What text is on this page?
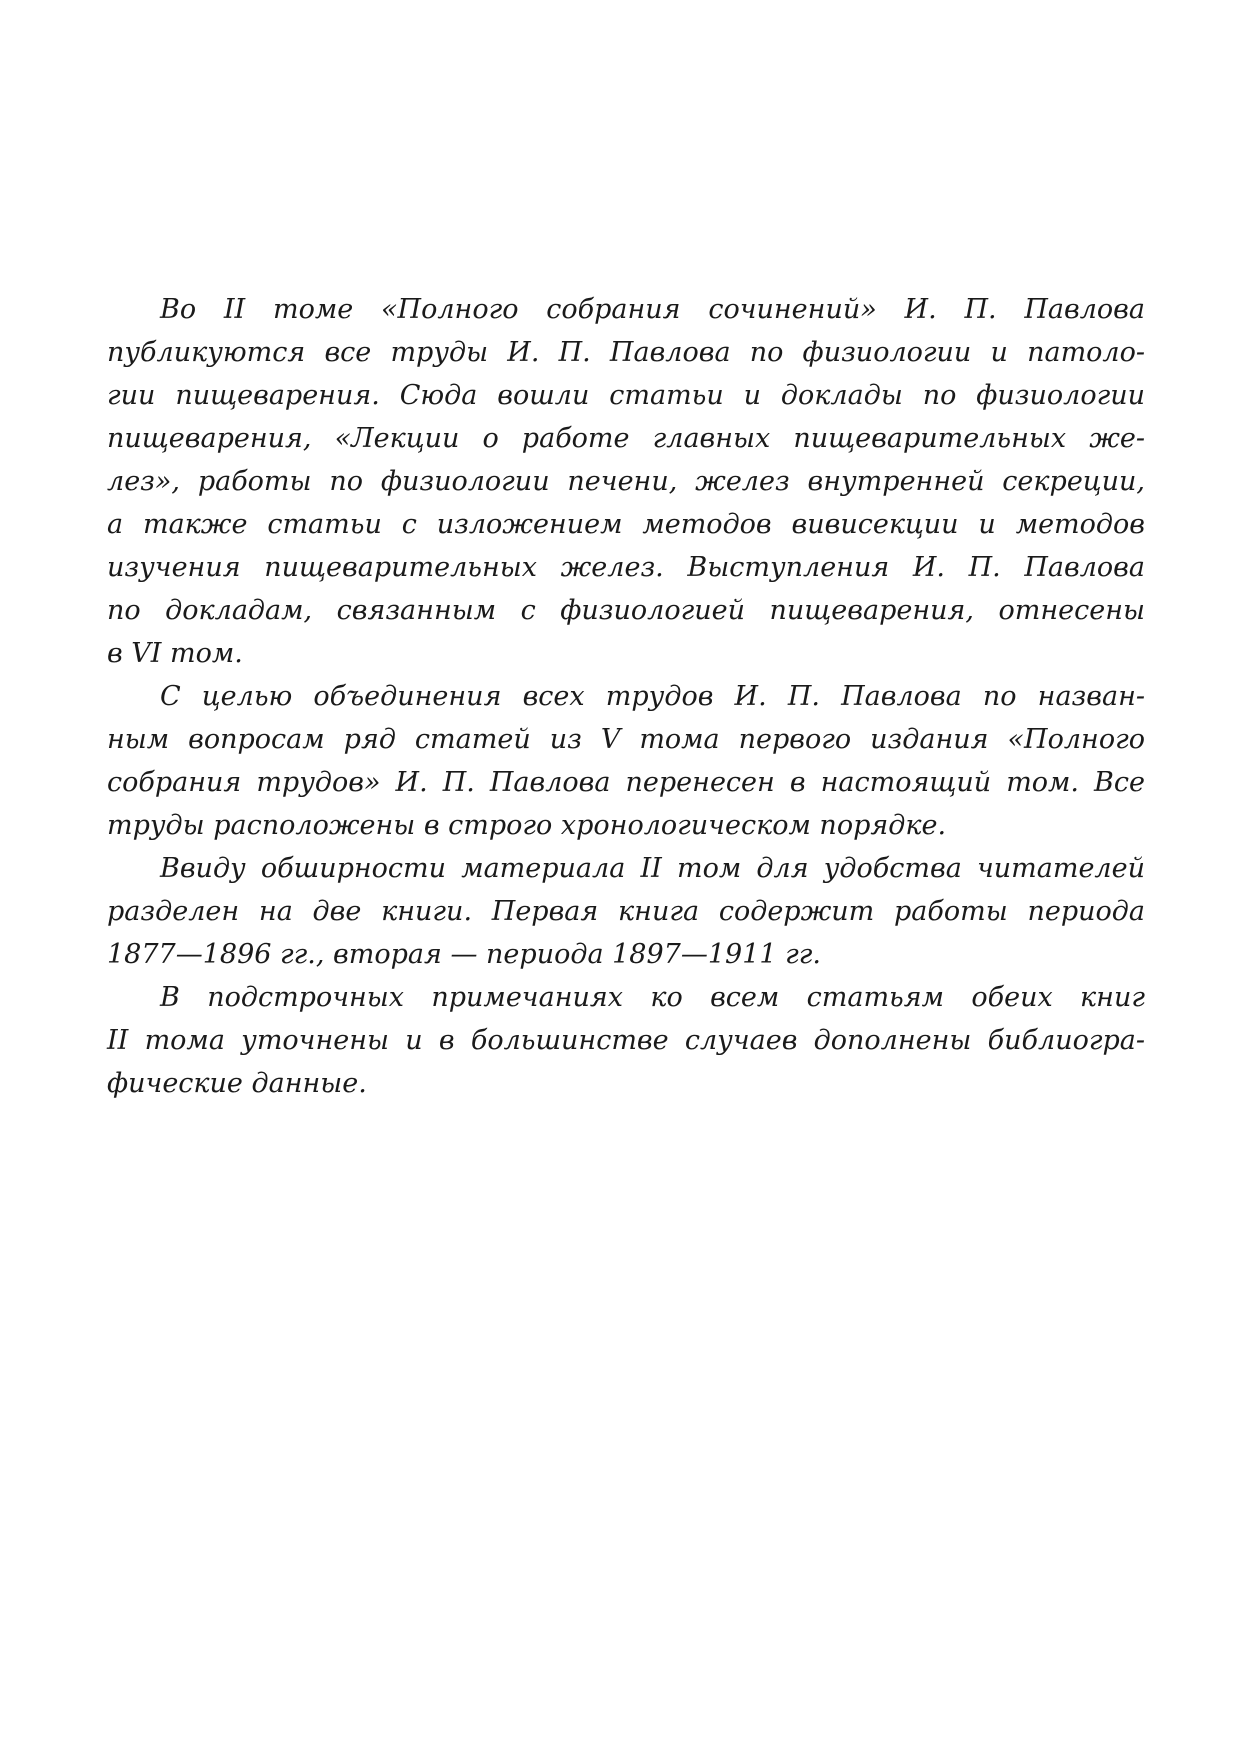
Во II томе «Полного собрания сочинений» И. П. Павлова
публикуются все труды И. П. Павлова по физиологии и патоло-
гии пищеварения. Сюда вошли статьи и доклады по физиологии
пищеварения, «Лекции о работе главных пищеварительных же-
лез», работы по физиологии печени, желез внутренней секреции,
а также статьи с изложением методов вивисекции и методов
изучения пищеварительных желез. Выступления И. П. Павлова
по докладам, связанным с физиологией пищеварения, отнесены
в VI том.
С целью объединения всех трудов И. П. Павлова по назван-
ным вопросам ряд статей из V тома первого издания «Полного
собрания трудов» И. П. Павлова перенесен в настоящий том. Все
труды расположены в строго хронологическом порядке.
Ввиду обширности материала II том для удобства читателей
разделен на две книги. Первая книга содержит работы периода
1877—1896 гг., вторая — периода 1897—1911 гг.
В подстрочных примечаниях ко всем статьям обеих книг
II тома уточнены и в большинстве случаев дополнены библиогра-
фические данные.
